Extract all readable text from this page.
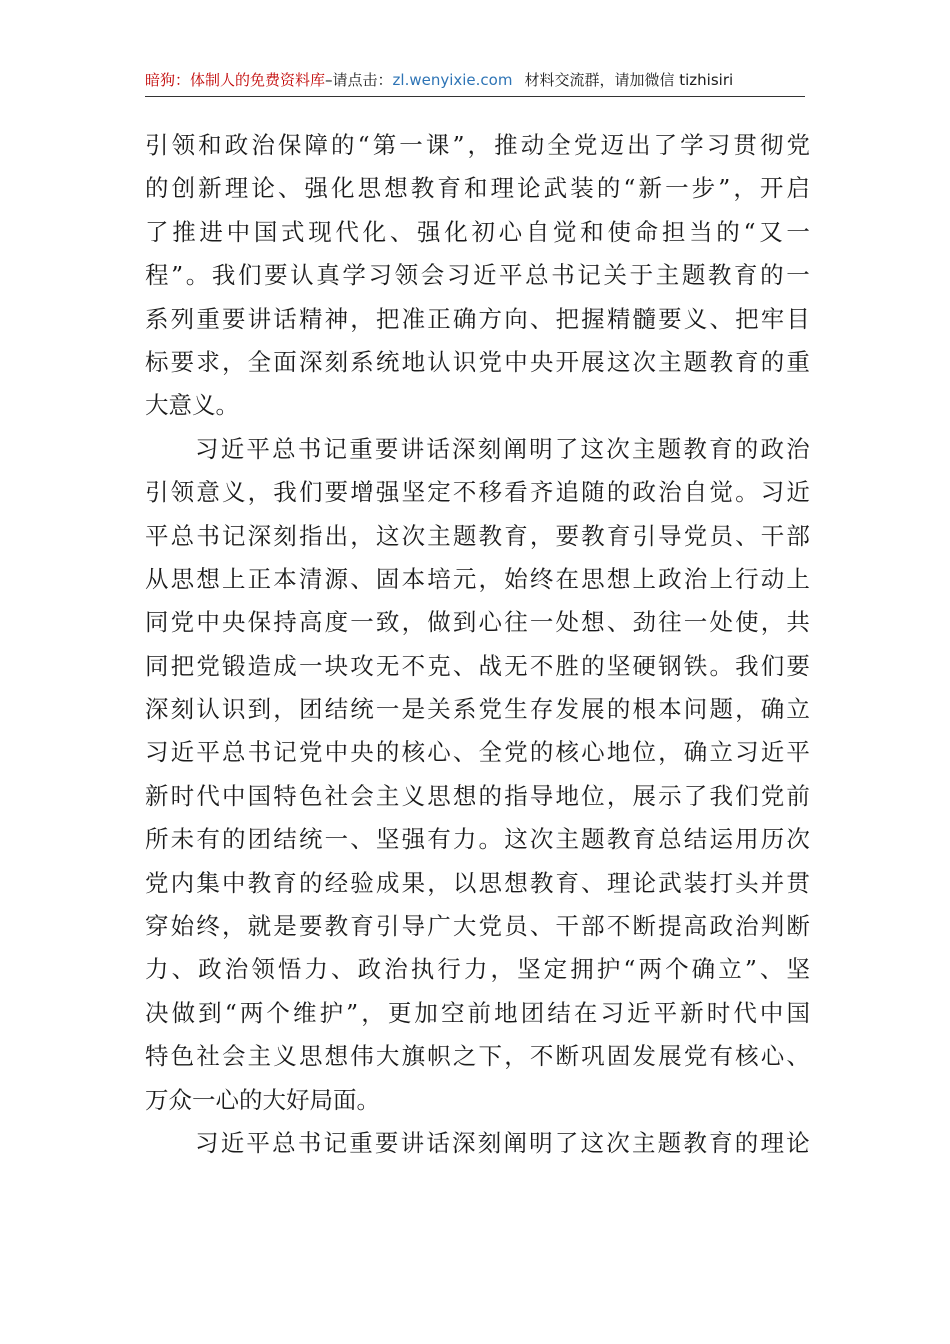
暗狗：体制人的免费资料库–请点击：zl.wenyixie.com 材料交流群，请加微信 tizhisiri
引 领 和 政 治 保 障 的 “ 第 一 课 ” ， 推 动 全 党 迈 出 了 学 习 贯 彻 党
的 创 新 理 论 、 强 化 思 想 教 育 和 理 论 武 装 的 “ 新 一 步 ” ， 开 启
了 推 进 中 国 式 现 代 化 、 强 化 初 心 自 觉 和 使 命 担 当 的 “ 又 一
程 ” 。 我 们 要 认 真 学 习 领 会 习 近 平 总 书 记 关 于 主 题 教 育 的 一
系 列 重 要 讲 话 精 神 ， 把 准 正 确 方 向 、 把 握 精 髓 要 义 、 把 牢 目
标 要 求 ， 全 面 深 刻 系 统 地 认 识 党 中 央 开 展 这 次 主 题 教 育 的 重
大 意 义 。
习 近 平 总 书 记 重 要 讲 话 深 刻 阐 明 了 这 次 主 题 教 育 的 政 治
引 领 意 义 ， 我 们 要 增 强 坚 定 不 移 看 齐 追 随 的 政 治 自 觉 。 习 近
平 总 书 记 深 刻 指 出 ， 这 次 主 题 教 育 ， 要 教 育 引 导 党 员 、 干 部
从 思 想 上 正 本 清 源 、 固 本 培 元 ， 始 终 在 思 想 上 政 治 上 行 动 上
同 党 中 央 保 持 高 度 一 致 ， 做 到 心 往 一 处 想 、 劲 往 一 处 使 ， 共
同 把 党 锻 造 成 一 块 攻 无 不 克 、 战 无 不 胜 的 坚 硬 钢 铁 。 我 们 要
深 刻 认 识 到 ， 团 结 统 一 是 关 系 党 生 存 发 展 的 根 本 问 题 ， 确 立
习 近 平 总 书 记 党 中 央 的 核 心 、 全 党 的 核 心 地 位 ， 确 立 习 近 平
新 时 代 中 国 特 色 社 会 主 义 思 想 的 指 导 地 位 ， 展 示 了 我 们 党 前
所 未 有 的 团 结 统 一 、 坚 强 有 力 。 这 次 主 题 教 育 总 结 运 用 历 次
党 内 集 中 教 育 的 经 验 成 果 ， 以 思 想 教 育 、 理 论 武 装 打 头 并 贯
穿 始 终 ， 就 是 要 教 育 引 导 广 大 党 员 、 干 部 不 断 提 高 政 治 判 断
力 、 政 治 领 悟 力 、 政 治 执 行 力 ， 坚 定 拥 护 “ 两 个 确 立 ” 、 坚
决 做 到 “ 两 个 维 护 ” ， 更 加 空 前 地 团 结 在 习 近 平 新 时 代 中 国
特 色 社 会 主 义 思 想 伟 大 旗 帜 之 下 ， 不 断 巩 固 发 展 党 有 核 心 、
万 众 一 心 的 大 好 局 面 。
习 近 平 总 书 记 重 要 讲 话 深 刻 阐 明 了 这 次 主 题 教 育 的 理 论
